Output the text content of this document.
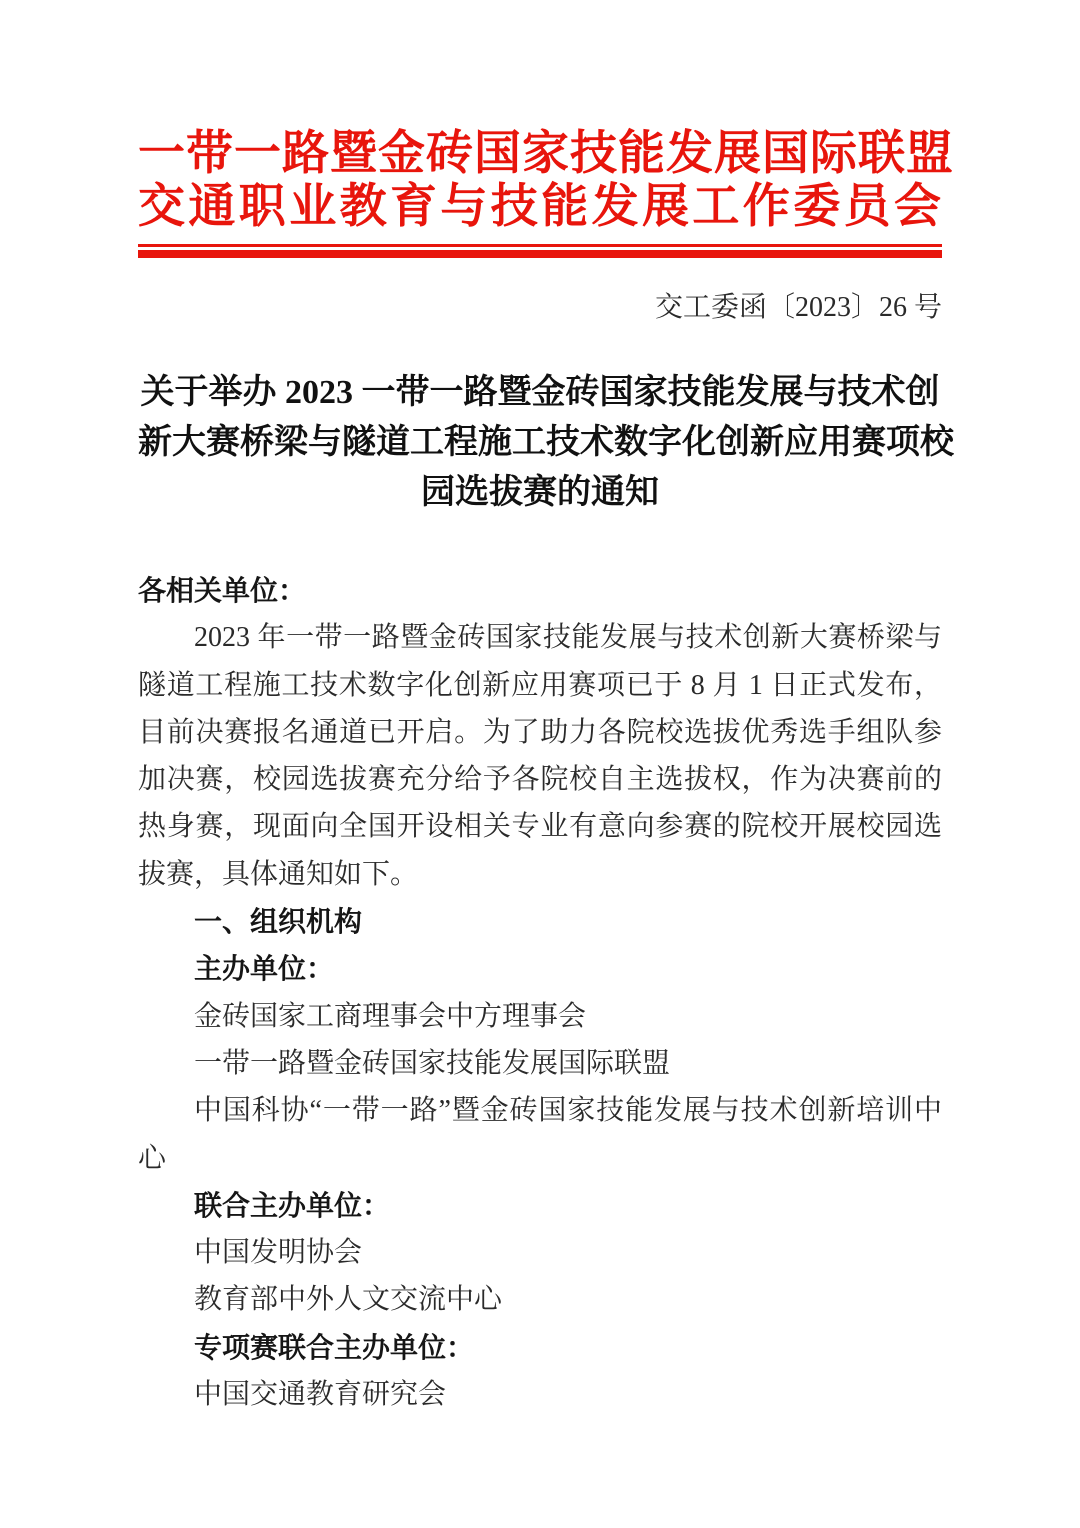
一带一路暨金砖国家技能发展国际联盟
交通职业教育与技能发展工作委员会
交工委函〔2023〕26 号
关于举办 2023 一带一路暨金砖国家技能发展与技术创
新大赛桥梁与隧道工程施工技术数字化创新应用赛项校
园选拔赛的通知

各相关单位：

2023 年一带一路暨金砖国家技能发展与技术创新大赛桥梁与隧道工程施工技术数字化创新应用赛项已于 8 月 1 日正式发布，目前决赛报名通道已开启。为了助力各院校选拔优秀选手组队参加决赛，校园选拔赛充分给予各院校自主选拔权，作为决赛前的热身赛，现面向全国开设相关专业有意向参赛的院校开展校园选拔赛，具体通知如下。

一、组织机构

主办单位：

金砖国家工商理事会中方理事会

一带一路暨金砖国家技能发展国际联盟

中国科协“一带一路”暨金砖国家技能发展与技术创新培训中心

联合主办单位：

中国发明协会

教育部中外人文交流中心

专项赛联合主办单位：

中国交通教育研究会
